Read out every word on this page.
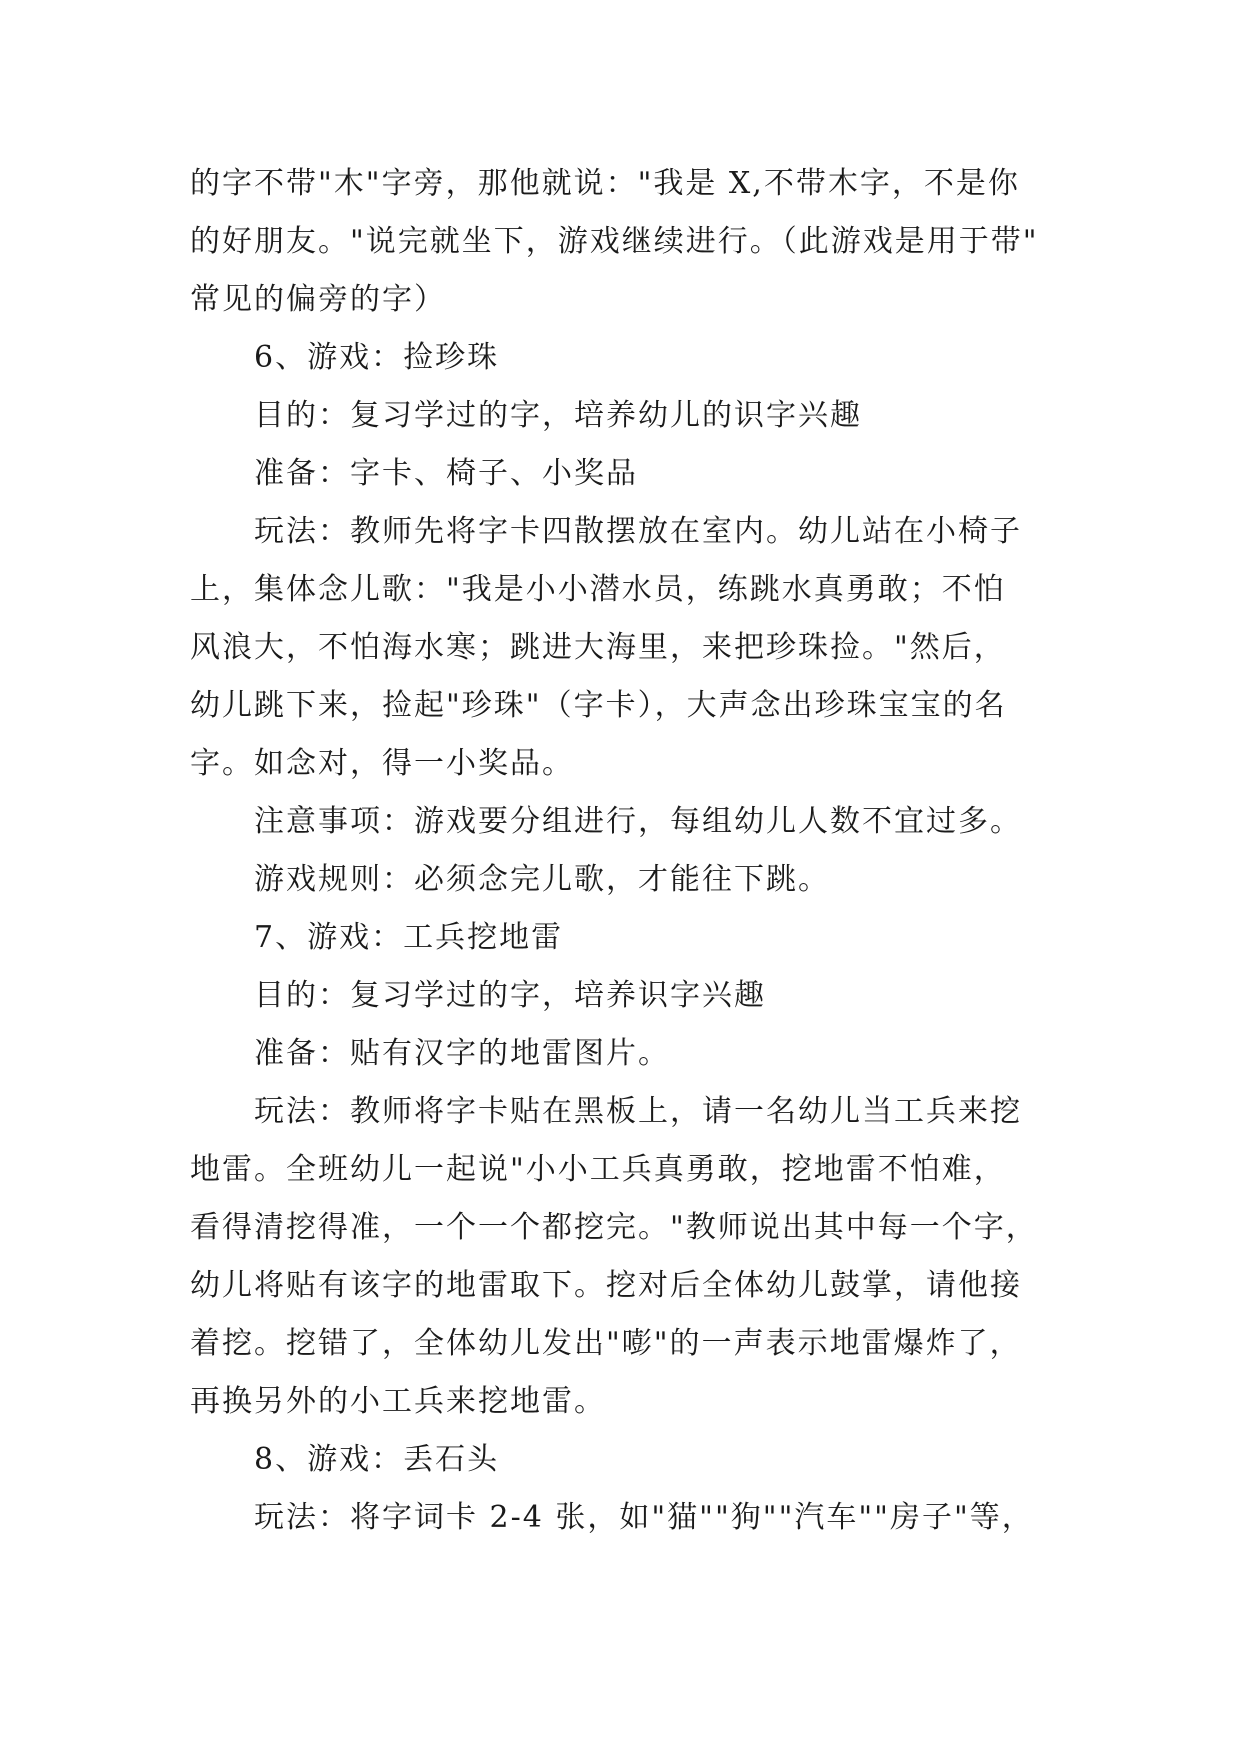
的字不带"木"字旁，那他就说："我是 X,不带木字，不是你
的好朋友。"说完就坐下，游戏继续进行。（此游戏是用于带"
常见的偏旁的字）
6、游戏：捡珍珠
目的：复习学过的字，培养幼儿的识字兴趣
准备：字卡、椅子、小奖品
玩法：教师先将字卡四散摆放在室内。幼儿站在小椅子
上，集体念儿歌："我是小小潜水员，练跳水真勇敢；不怕
风浪大，不怕海水寒；跳进大海里，来把珍珠捡。"然后，
幼儿跳下来，捡起"珍珠"（字卡），大声念出珍珠宝宝的名
字。如念对，得一小奖品。
注意事项：游戏要分组进行，每组幼儿人数不宜过多。
游戏规则：必须念完儿歌，才能往下跳。
7、游戏：工兵挖地雷
目的：复习学过的字，培养识字兴趣
准备：贴有汉字的地雷图片。
玩法：教师将字卡贴在黑板上，请一名幼儿当工兵来挖
地雷。全班幼儿一起说"小小工兵真勇敢，挖地雷不怕难，
看得清挖得准，一个一个都挖完。"教师说出其中每一个字，
幼儿将贴有该字的地雷取下。挖对后全体幼儿鼓掌，请他接
着挖。挖错了，全体幼儿发出"嘭"的一声表示地雷爆炸了，
再换另外的小工兵来挖地雷。
8、游戏：丢石头
玩法：将字词卡 2-4 张，如"猫""狗""汽车""房子"等，
